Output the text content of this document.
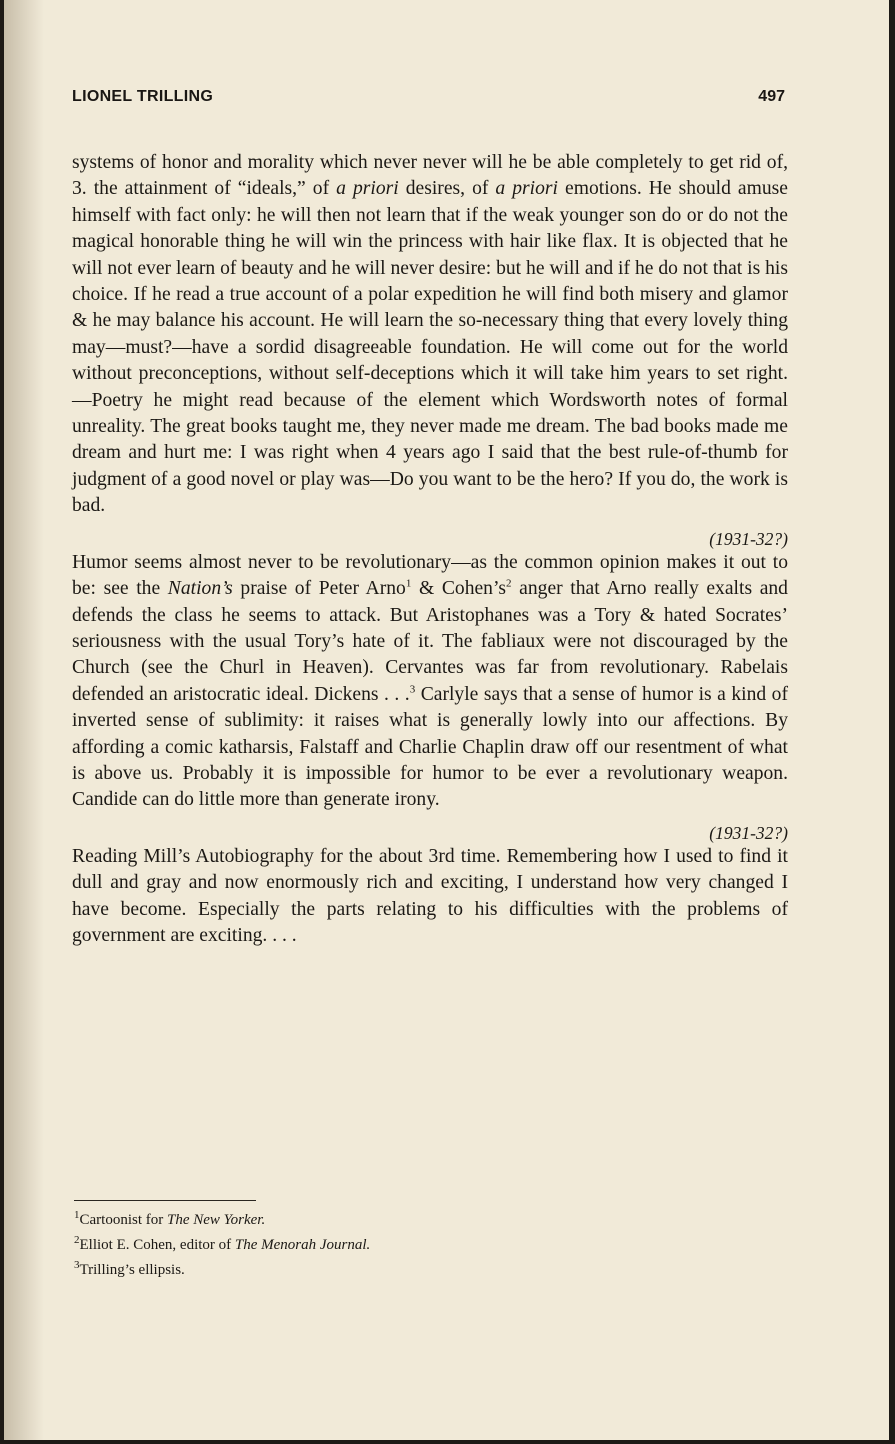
LIONEL TRILLING	497

systems of honor and morality which never never will he be able completely to get rid of, 3. the attainment of “ideals,” of a priori desires, of a priori emotions. He should amuse himself with fact only: he will then not learn that if the weak younger son do or do not the magical honorable thing he will win the princess with hair like flax. It is objected that he will not ever learn of beauty and he will never desire: but he will and if he do not that is his choice. If he read a true account of a polar expedition he will find both misery and glamor & he may balance his account. He will learn the so-necessary thing that every lovely thing may—must?—have a sordid disagreeable foundation. He will come out for the world without preconceptions, without self-deceptions which it will take him years to set right. —Poetry he might read because of the element which Wordsworth notes of formal unreality. The great books taught me, they never made me dream. The bad books made me dream and hurt me: I was right when 4 years ago I said that the best rule-of-thumb for judgment of a good novel or play was—Do you want to be the hero? If you do, the work is bad.

(1931-32?)

Humor seems almost never to be revolutionary—as the common opinion makes it out to be: see the Nation’s praise of Peter Arno$^1$ & $Cohen’s^2$ anger that Arno really exalts and defends the class he seems to attack. But Aristophanes was a Tory & hated Socrates’ seriousness with the usual Tory’s hate of it. The fabliaux were not discouraged by the Church (see the Churl in Heaven). Cervantes was far from revolutionary. Rabelais defended an aristocratic ideal. Dickens . . .$^3$ Carlyle says that a sense of humor is a kind of inverted sense of sublimity: it raises what is generally lowly into our affections. By affording a comic katharsis, Falstaff and Charlie Chaplin draw off our resentment of what is above us. Probably it is impossible for humor to be ever a revolutionary weapon. Candide can do little more than generate irony.

(1931-32?)

Reading Mill’s Autobiography for the about 3rd time. Remembering how I used to find it dull and gray and now enormously rich and exciting, I understand how very changed I have become. Especially the parts relating to his difficulties with the problems of government are exciting. . . .

$^1$Cartoonist for The New Yorker.
$^2$Elliot E. Cohen, editor of The Menorah Journal.
$^3$Trilling’s ellipsis.
